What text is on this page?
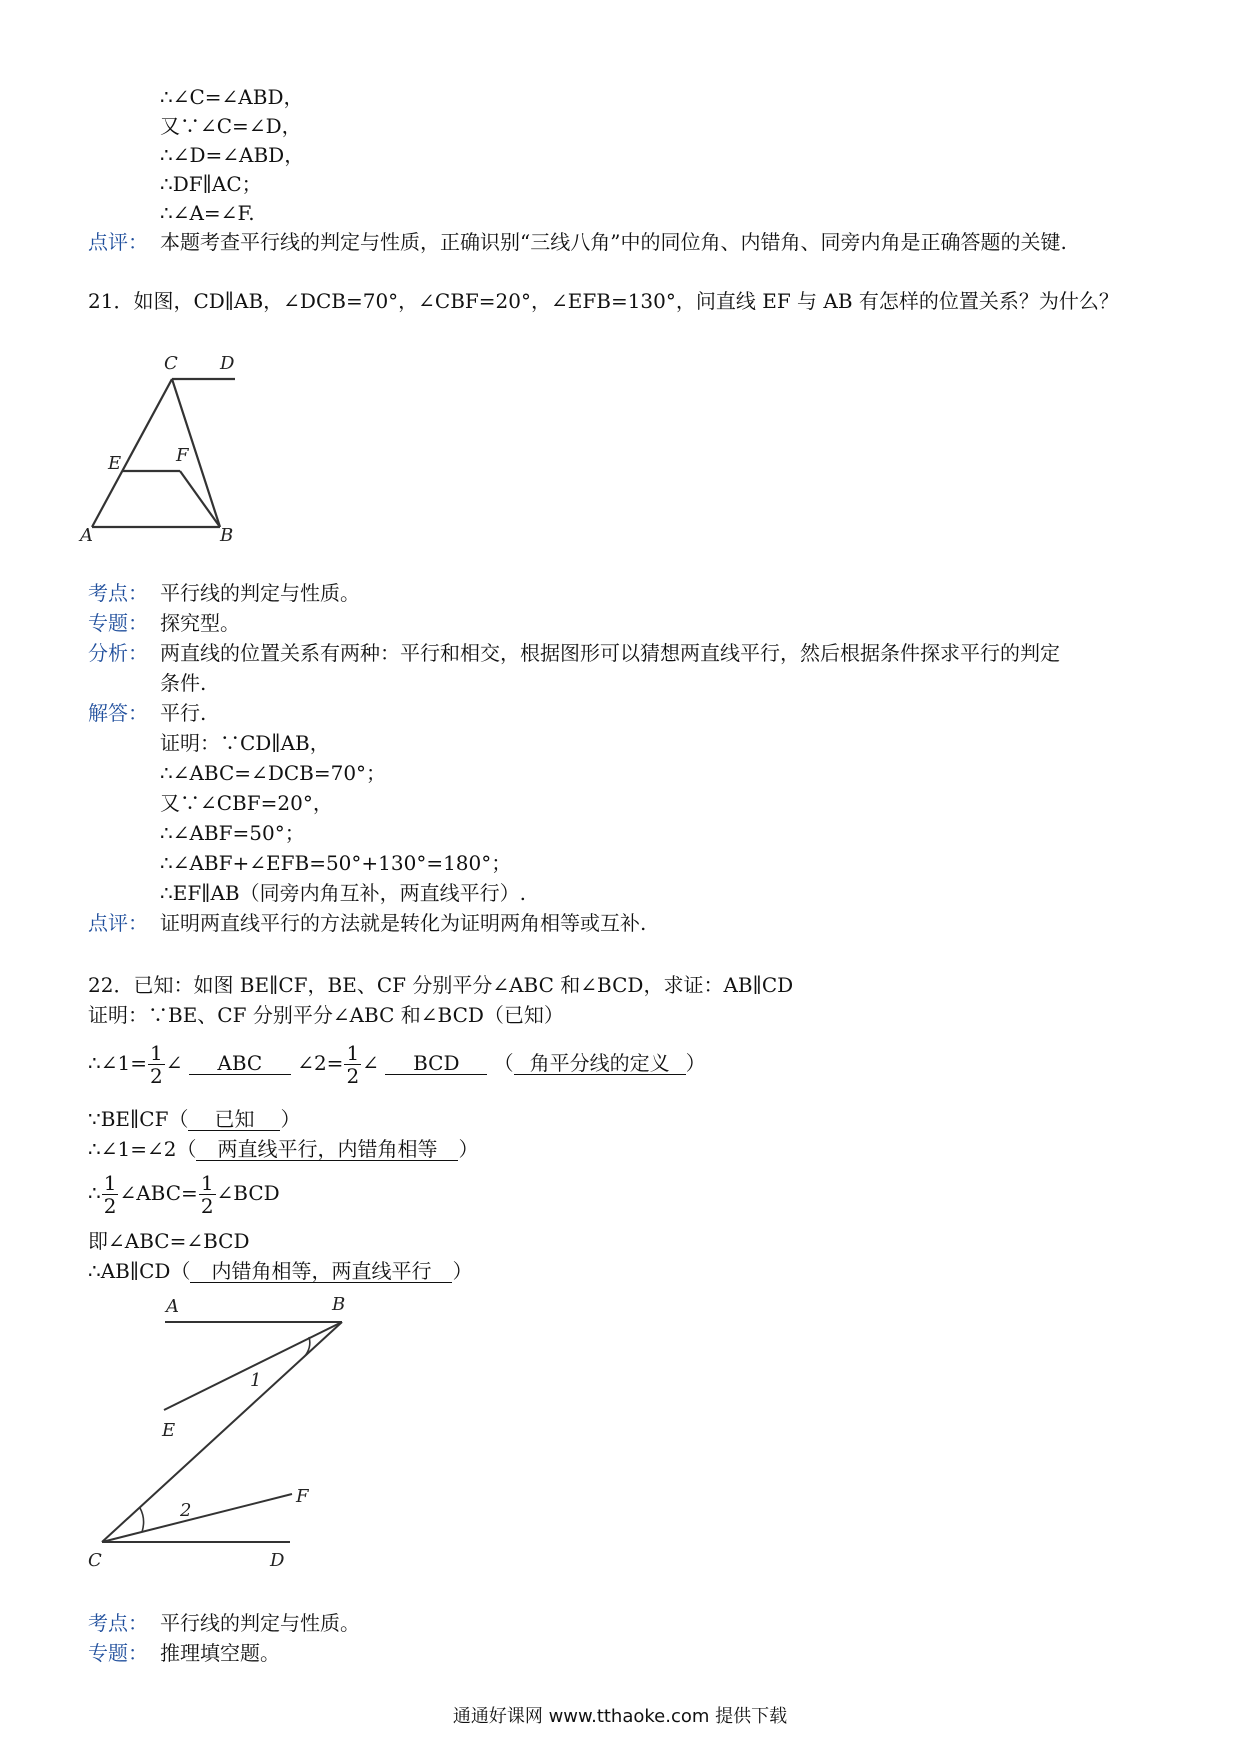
∴∠C=∠ABD，
又∵∠C=∠D，
∴∠D=∠ABD，
∴DF∥AC；
∴∠A=∠F.
点评： 本题考查平行线的判定与性质，正确识别“三线八角”中的同位角、内错角、同旁内角是正确答题的关键.
21．如图，CD∥AB，∠DCB=70°，∠CBF=20°，∠EFB=130°，问直线 EF 与 AB 有怎样的位置关系？为什么？
C D
E	F
A	B
考点： 平行线的判定与性质。
专题： 探究型。
分析： 两直线的位置关系有两种：平行和相交，根据图形可以猜想两直线平行，然后根据条件探求平行的判定
条件.
解答： 平行.
证明：∵CD∥AB，
∴∠ABC=∠DCB=70°；
又∵∠CBF=20°，
∴∠ABF=50°；
∴∠ABF+∠EFB=50°+130°=180°；
∴EF∥AB（同旁内角互补，两直线平行）.
点评： 证明两直线平行的方法就是转化为证明两角相等或互补.
22．已知：如图 BE∥CF，BE、CF 分别平分∠ABC 和∠BCD，求证：AB∥CD
证明：∵BE、CF 分别平分∠ABC 和∠BCD（已知）
∴∠1= $\frac{1}{2}$ ∠ ABC ∠2= $\frac{1}{2}$ ∠ BCD （ 角平分线的定义 ）
∵BE∥CF（ 已知 ）
∴∠1=∠2（ 两直线平行，内错角相等 ）
∴ $\frac{1}{2}$ ∠ABC= $\frac{1}{2}$ ∠BCD
即∠ABC=∠BCD
∴AB∥CD（ 内错角相等，两直线平行 ）
A	B
E
1
2
F
C	D
考点： 平行线的判定与性质。
专题： 推理填空题。
通通好课网 www.tthaoke.com 提供下载
